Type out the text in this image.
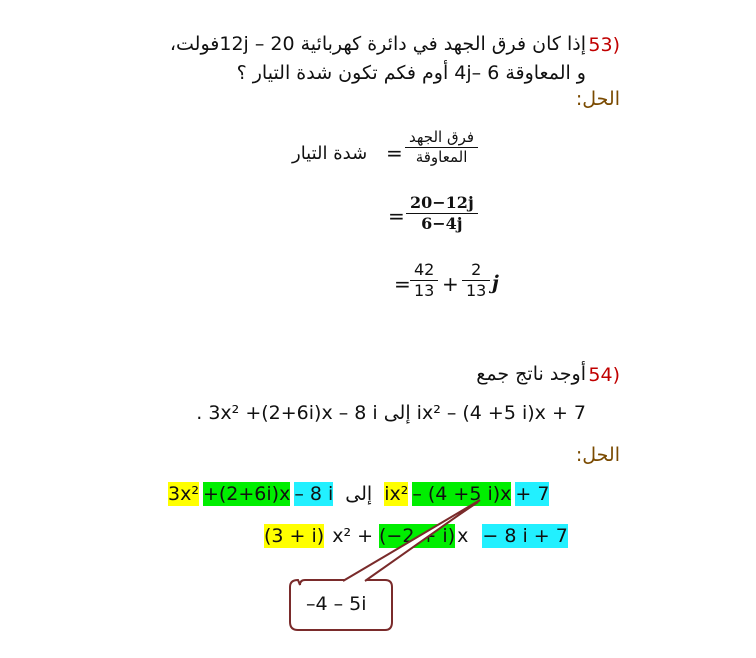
53)
إذا كان فرق الجهد في دائرة كهربائية 12j – 20فولت،
و المعاوقة 4j– 6 أوم فكم تكون شدة التيار ؟
الحل:
شدة التيار =
فرق الجهد
المعاوقة
=
20−12j
6−4j
=
42
13 +
2
13 j
54)
أوجد ناتج جمع
. 3x² +(2+6i)x – 8 i إلى ix² – (4 +5 i)x + 7
الحل:
3x² +(2+6i)x – 8 i إلى ix² – (4 +5 i)x + 7
(3 + i) x² + (−2 + i) x − 8 i + 7
–4 – 5i
